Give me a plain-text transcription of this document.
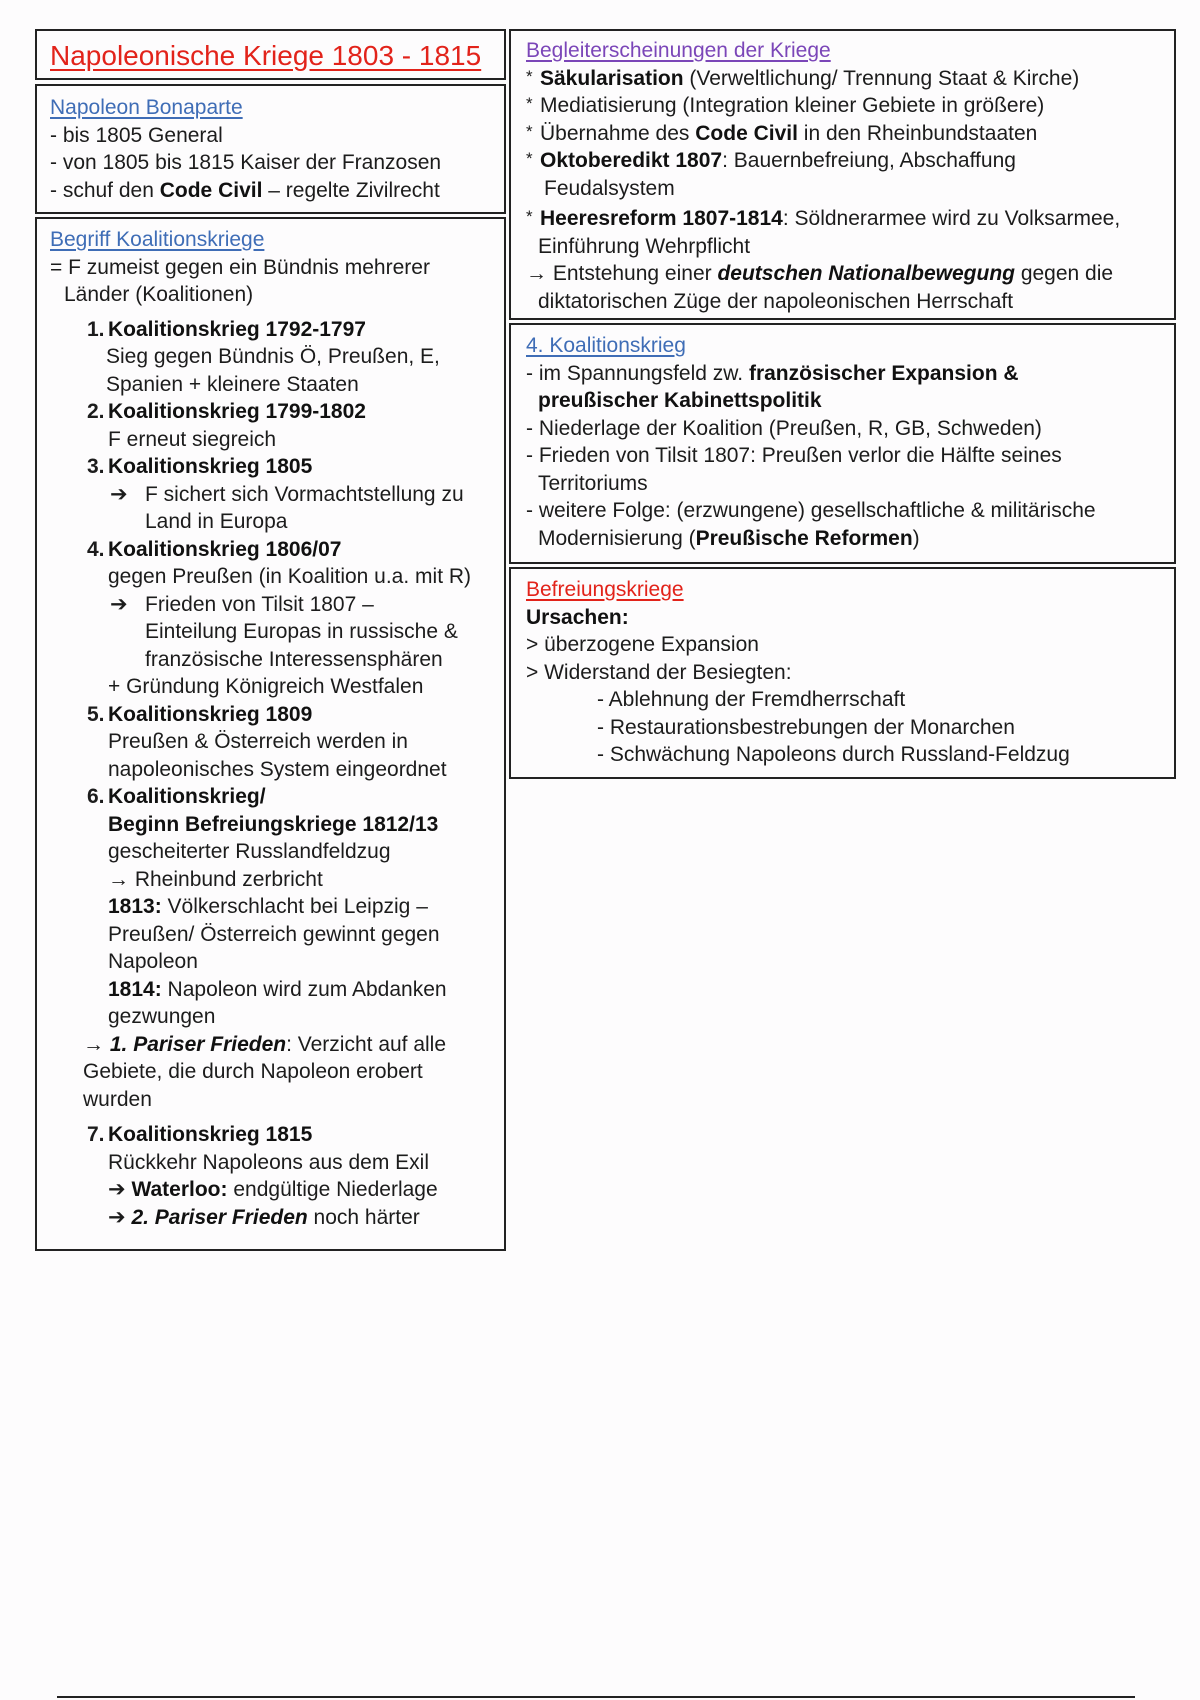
Napoleonische Kriege 1803 - 1815
Napoleon Bonaparte
- bis 1805 General
- von 1805 bis 1815 Kaiser der Franzosen
- schuf den Code Civil – regelte Zivilrecht
Begriff Koalitionskriege
= F zumeist gegen ein Bündnis mehrerer
Länder (Koalitionen)
1. Koalitionskrieg 1792-1797
Sieg gegen Bündnis Ö, Preußen, E,
Spanien + kleinere Staaten
2. Koalitionskrieg 1799-1802
F erneut siegreich
3. Koalitionskrieg 1805
➔ F sichert sich Vormachtstellung zu
Land in Europa
4. Koalitionskrieg 1806/07
gegen Preußen (in Koalition u.a. mit R)
➔ Frieden von Tilsit 1807 –
Einteilung Europas in russische &
französische Interessensphären
+ Gründung Königreich Westfalen
5. Koalitionskrieg 1809
Preußen & Österreich werden in
napoleonisches System eingeordnet
6. Koalitionskrieg/
Beginn Befreiungskriege 1812/13
gescheiterter Russlandfeldzug
→ Rheinbund zerbricht
1813: Völkerschlacht bei Leipzig –
Preußen/ Österreich gewinnt gegen
Napoleon
1814: Napoleon wird zum Abdanken
gezwungen
→ 1. Pariser Frieden: Verzicht auf alle
Gebiete, die durch Napoleon erobert
wurden
7. Koalitionskrieg 1815
Rückkehr Napoleons aus dem Exil
➔ Waterloo: endgültige Niederlage
➔ 2. Pariser Frieden noch härter
Begleiterscheinungen der Kriege
* Säkularisation (Verweltlichung/ Trennung Staat & Kirche)
* Mediatisierung (Integration kleiner Gebiete in größere)
* Übernahme des Code Civil in den Rheinbundstaaten
* Oktoberedikt 1807: Bauernbefreiung, Abschaffung
Feudalsystem
* Heeresreform 1807-1814: Söldnerarmee wird zu Volksarmee,
Einführung Wehrpflicht
→ Entstehung einer deutschen Nationalbewegung gegen die
diktatorischen Züge der napoleonischen Herrschaft
4. Koalitionskrieg
- im Spannungsfeld zw. französischer Expansion &
preußischer Kabinettspolitik
- Niederlage der Koalition (Preußen, R, GB, Schweden)
- Frieden von Tilsit 1807: Preußen verlor die Hälfte seines
Territoriums
- weitere Folge: (erzwungene) gesellschaftliche & militärische
Modernisierung (Preußische Reformen)
Befreiungskriege
Ursachen:
> überzogene Expansion
> Widerstand der Besiegten:
- Ablehnung der Fremdherrschaft
- Restaurationsbestrebungen der Monarchen
- Schwächung Napoleons durch Russland-Feldzug
